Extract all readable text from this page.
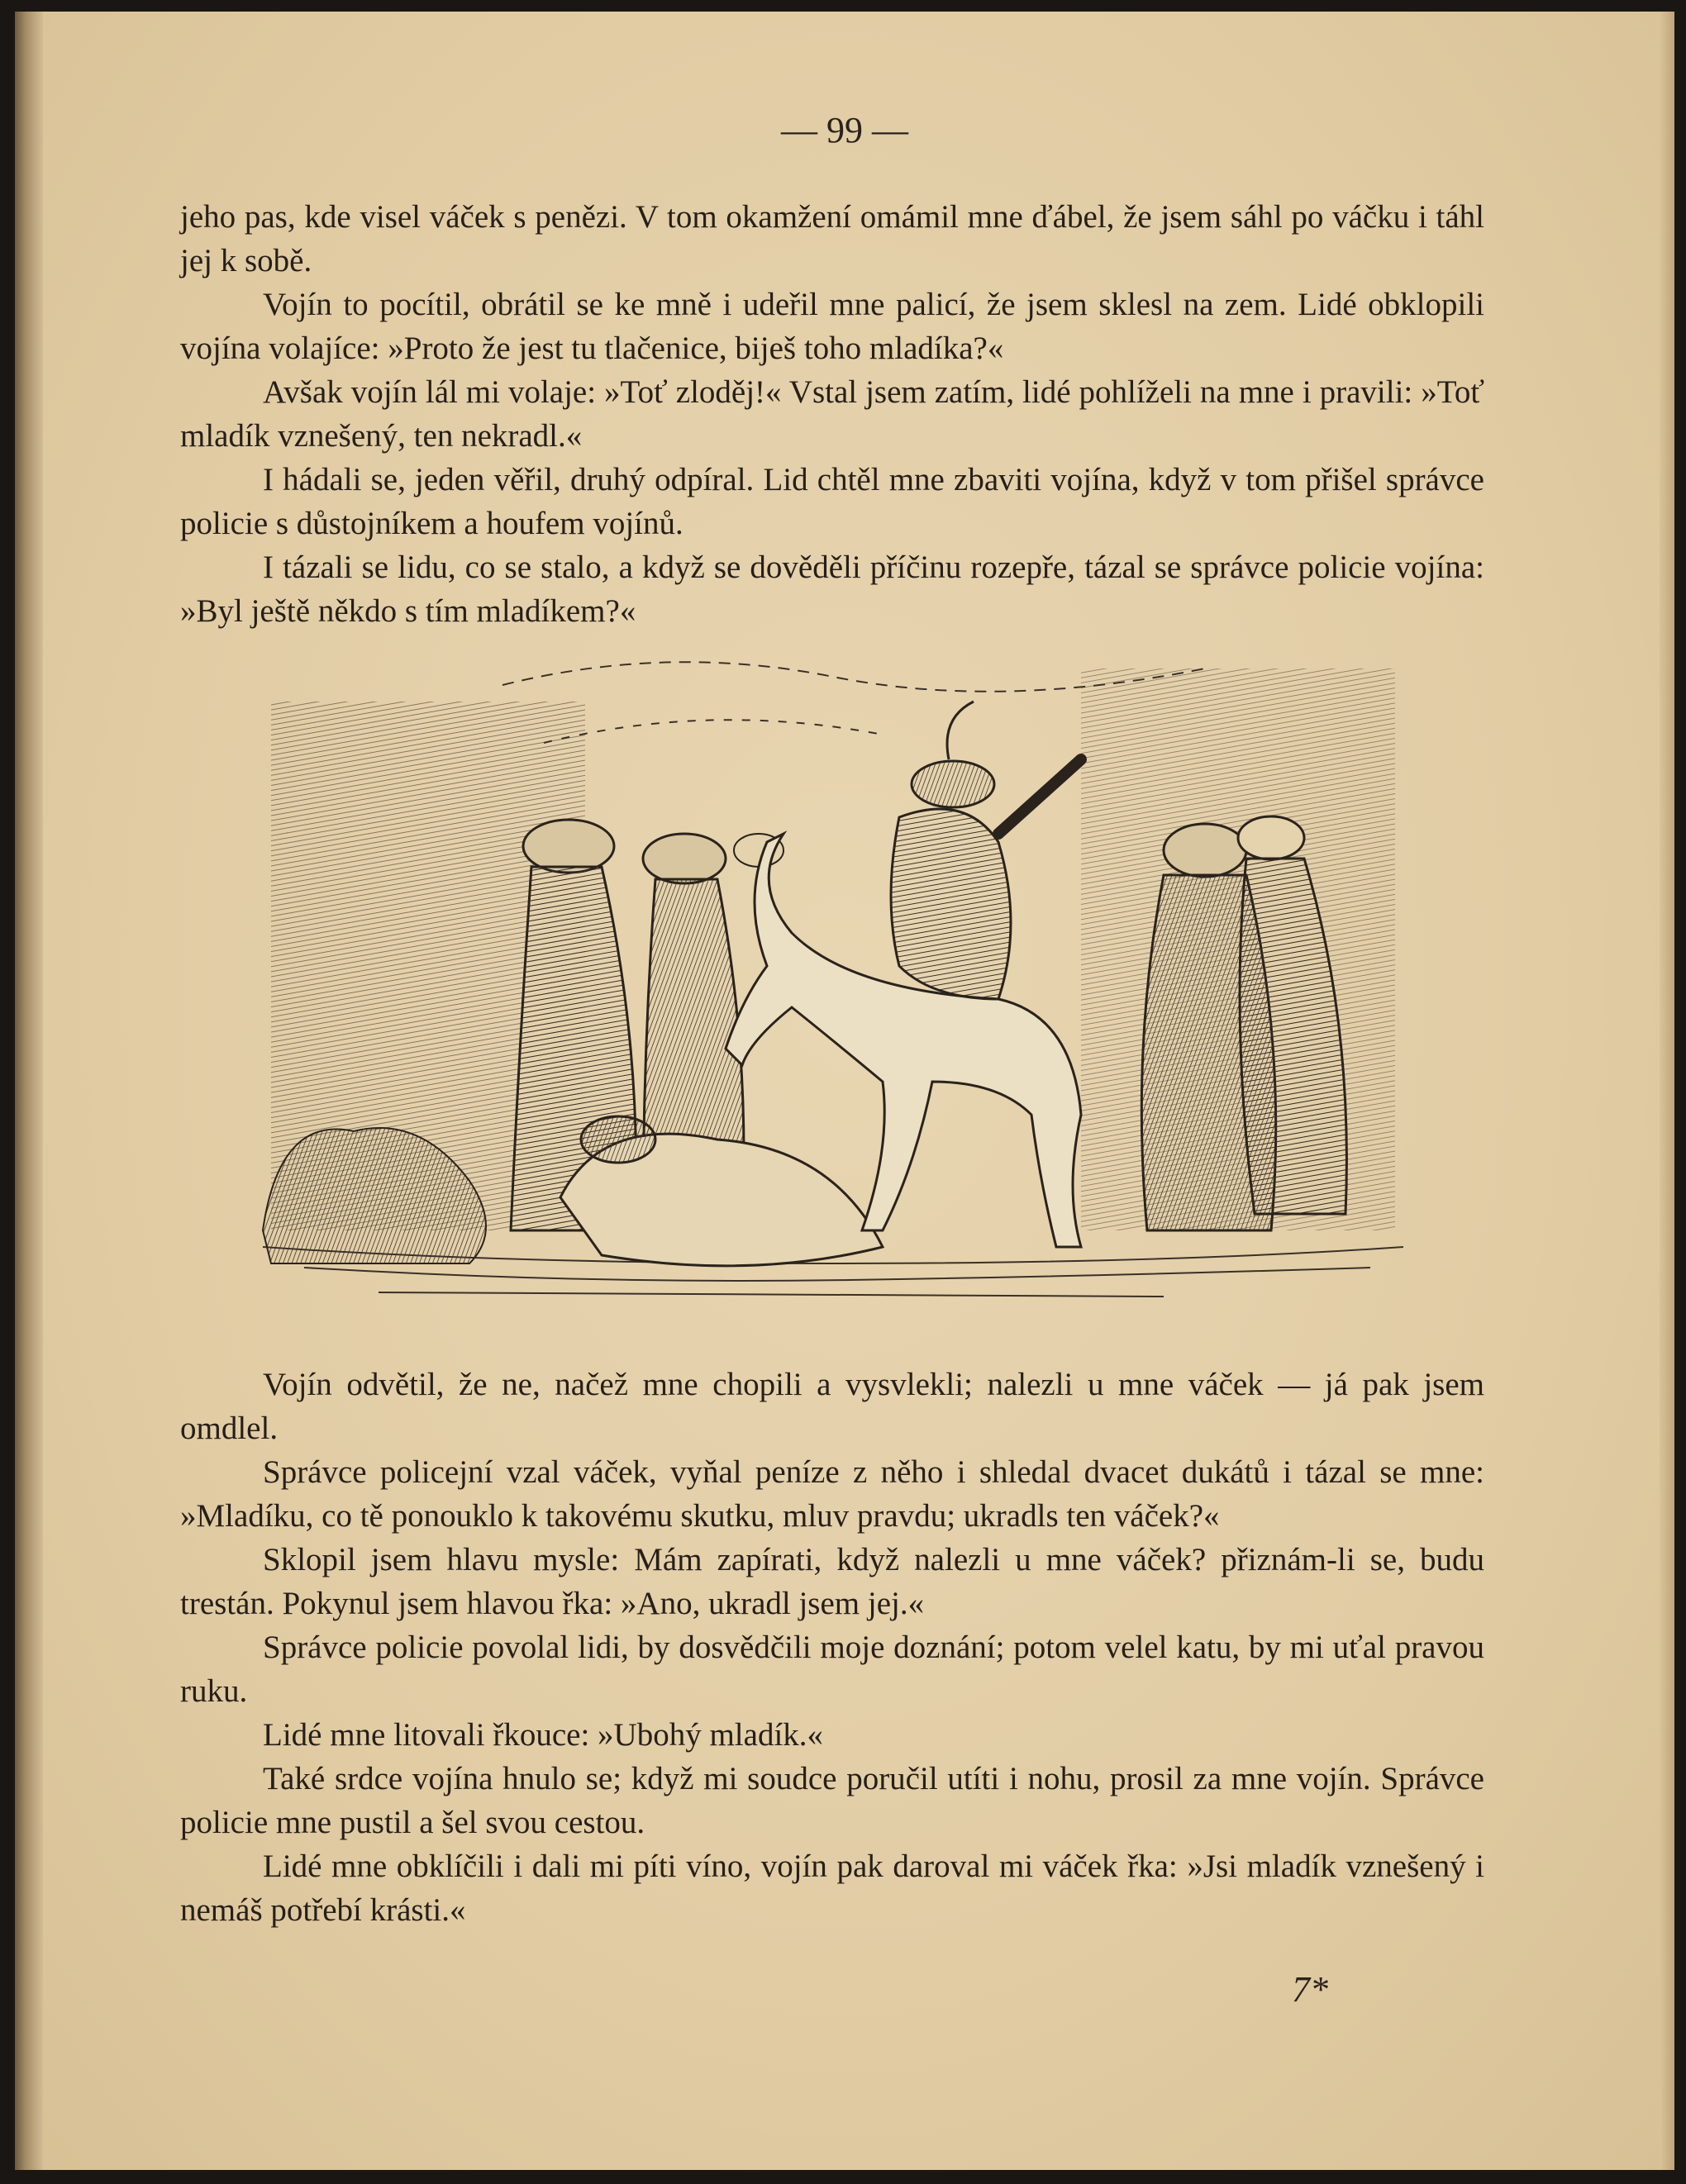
— 99 —

jeho pas, kde visel váček s penězi. V tom okamžení omámil mne ďábel, že jsem sáhl po váčku i táhl jej k sobě.

Vojín to pocítil, obrátil se ke mně i udeřil mne palicí, že jsem sklesl na zem. Lidé obklopili vojína volajíce: »Proto že jest tu tlačenice, biješ toho mladíka?«

Avšak vojín lál mi volaje: »Toť zloděj!« Vstal jsem zatím, lidé pohlíželi na mne i pravili: »Toť mladík vznešený, ten nekradl.«

I hádali se, jeden věřil, druhý odpíral. Lid chtěl mne zbaviti vojína, když v tom přišel správce policie s důstojníkem a houfem vojínů.

I tázali se lidu, co se stalo, a když se dověděli příčinu rozepře, tázal se správce policie vojína: »Byl ještě někdo s tím mladíkem?«

Vojín odvětil, že ne, načež mne chopili a vysvlekli; nalezli u mne váček — já pak jsem omdlel.

Správce policejní vzal váček, vyňal peníze z něho i shledal dvacet dukátů i tázal se mne: »Mladíku, co tě ponouklo k takovému skutku, mluv pravdu; ukradls ten váček?«

Sklopil jsem hlavu mysle: Mám zapírati, když nalezli u mne váček? přiznám-li se, budu trestán. Pokynul jsem hlavou řka: »Ano, ukradl jsem jej.«

Správce policie povolal lidi, by dosvědčili moje doznání; potom velel katu, by mi uťal pravou ruku.

Lidé mne litovali řkouce: »Ubohý mladík.«

Také srdce vojína hnulo se; když mi soudce poručil utíti i nohu, prosil za mne vojín. Správce policie mne pustil a šel svou cestou.

Lidé mne obklíčili i dali mi píti víno, vojín pak daroval mi váček řka: »Jsi mladík vznešený i nemáš potřebí krásti.«

7*
